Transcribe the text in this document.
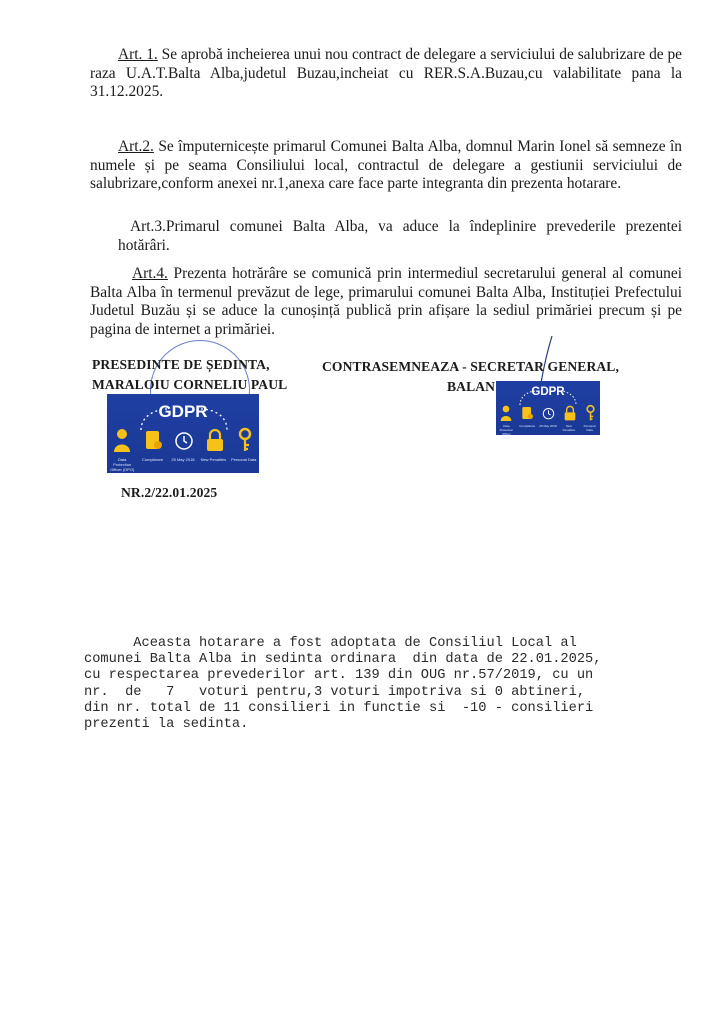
Art. 1. Se aprobă incheierea unui nou contract de delegare a serviciului de salubrizare de pe raza U.A.T.Balta Alba,judetul Buzau,incheiat cu RER.S.A.Buzau,cu valabilitate pana la 31.12.2025.
Art.2. Se împuternicește primarul Comunei Balta Alba, domnul Marin Ionel să semneze în numele și pe seama Consiliului local, contractul de delegare a gestiunii serviciului de salubrizare,conform anexei nr.1,anexa care face parte integranta din prezenta hotarare.
Art.3.Primarul comunei Balta Alba, va aduce la îndeplinire prevederile prezentei hotărâri.
Art.4. Prezenta hotrărâre se comunică prin intermediul secretarului general al comunei Balta Alba în termenul prevăzut de lege, primarului comunei Balta Alba, Instituției Prefectului Judetul Buzău și se aduce la cunoșință publică prin afișare la sediul primăriei precum și pe pagina de internet a primăriei.
PRESEDINTE DE ȘEDINTA,
MARALOIU CORNELIU PAUL
CONTRASEMNEAZA - SECRETAR GENERAL,
BALAN
GDPR
Data Protection Officer (DPO)
Compliance	25 May 2018	New Penalties Personal Data
GDPR
Data Protection Officer (DPO)
Compliance	25 May 2018	New Penalties
Personal Data
NR.2/22.01.2025
Aceasta hotarare a fost adoptata de Consiliul Local al
comunei Balta Alba in sedinta ordinara  din data de 22.01.2025,
cu respectarea prevederilor art. 139 din OUG nr.57/2019, cu un
nr.  de   7   voturi pentru,3 voturi impotriva si 0 abtineri,
din nr. total de 11 consilieri in functie si  -10 - consilieri
prezenti la sedinta.
